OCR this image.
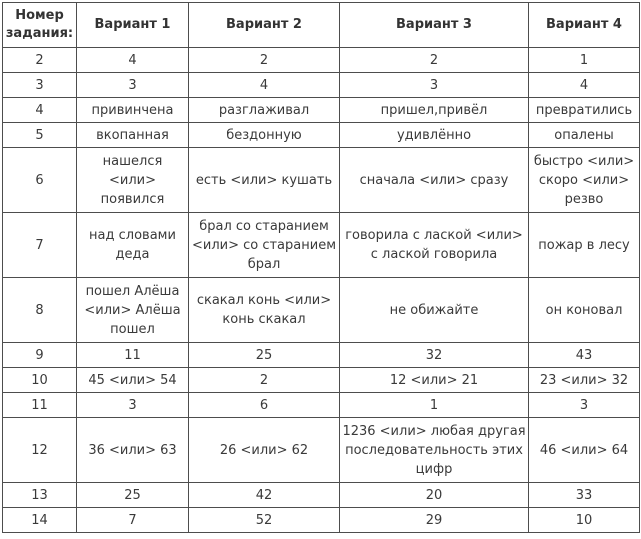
Номер задания:	Вариант 1	Вариант 2	Вариант 3	Вариант 4
2	4	2	2	1
3	3	4	3	4
4	привинчена	разглаживал	пришел,привёл	превратились
5	вкопанная	бездонную	удивлённо	опалены
6	нашелся <или> появился	есть <или> кушать	сначала <или> сразу	быстро <или> скоро <или> резво
7	над словами деда	брал со старанием <или> со старанием брал	говорила с лаской <или> с лаской говорила	пожар в лесу
8	пошел Алёша <или> Алёша пошел	скакал конь <или> конь скакал	не обижайте	он коновал
9	11	25	32	43
10	45 <или> 54	2	12 <или> 21	23 <или> 32
11	3	6	1	3
12	36 <или> 63	26 <или> 62	1236 <или> любая другая последовательность этих цифр	46 <или> 64
13	25	42	20	33
14	7	52	29	10
